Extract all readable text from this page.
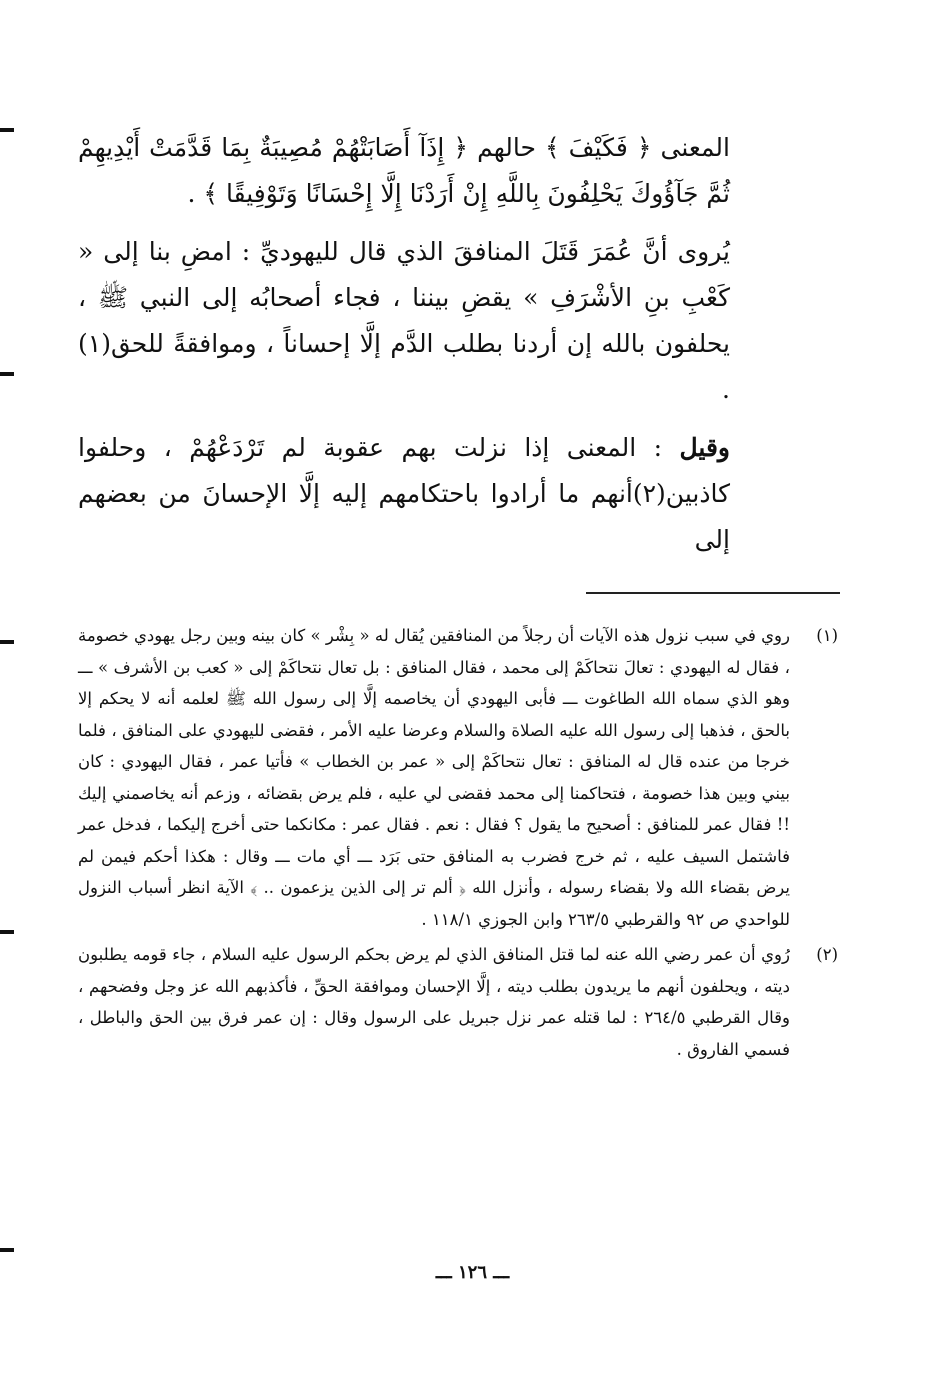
المعنى ﴿ فَكَيْفَ ﴾ حالهم ﴿ إِذَآ أَصَابَتْهُمْ مُصِيبَةٌ بِمَا قَدَّمَتْ أَيْدِيهِمْ ثُمَّ جَآؤُوكَ يَحْلِفُونَ بِاللَّهِ إِنْ أَرَدْنَا إِلَّا إِحْسَانًا وَتَوْفِيقًا ﴾ .

يُروى أنَّ عُمَرَ قَتَلَ المنافقَ الذي قال لليهوديِّ : امضِ بنا إلى « كَعْبِ بنِ الأشْرَفِ » يقضِ بيننا ، فجاء أصحابُه إلى النبي ﷺ ، يحلفون بالله إن أردنا بطلب الدَّم إلَّا إحساناً ، وموافقةً للحق(١) .

وقيل : المعنى إذا نزلت بهم عقوبة لم تَرْدَعْهُمْ ، وحلفوا كاذبين(٢)أنهم ما أرادوا باحتكامهم إليه إلَّا الإحسانَ من بعضهم إلى

(١)
روي في سبب نزول هذه الآيات أن رجلاً من المنافقين يُقال له « بِشْر » كان بينه وبين رجل يهودي خصومة ، فقال له اليهودي : تعالَ نتحاكَمْ إلى محمد ، فقال المنافق : بل تعال نتحاكَمْ إلى « كعب بن الأشرف » ـــ وهو الذي سماه الله الطاغوت ـــ فأبى اليهودي أن يخاصمه إلَّا إلى رسول الله ﷺ لعلمه أنه لا يحكم إلا بالحق ، فذهبا إلى رسول الله عليه الصلاة والسلام وعرضا عليه الأمر ، فقضى لليهودي على المنافق ، فلما خرجا من عنده قال له المنافق : تعال نتحاكَمْ إلى « عمر بن الخطاب » فأتيا عمر ، فقال اليهودي : كان بيني وبين هذا خصومة ، فتحاكمنا إلى محمد فقضى لي عليه ، فلم يرض بقضائه ، وزعم أنه يخاصمني إليك !! فقال عمر للمنافق : أصحيح ما يقول ؟ فقال : نعم . فقال عمر : مكانكما حتى أخرج إليكما ، فدخل عمر فاشتمل السيف عليه ، ثم خرج فضرب به المنافق حتى بَرَد ـــ أي مات ـــ وقال : هكذا أحكم فيمن لم يرض بقضاء الله ولا بقضاء رسوله ، وأنزل الله ﴿ ألم تر إلى الذين يزعمون .. ﴾ الآية انظر أسباب النزول للواحدي ص ٩٢ والقرطبي ٢٦٣/٥ وابن الجوزي ١١٨/١ .
(٢)
رُوي أن عمر رضي الله عنه لما قتل المنافق الذي لم يرض بحكم الرسول عليه السلام ، جاء قومه يطلبون ديته ، ويحلفون أنهم ما يريدون بطلب ديته ، إلَّا الإحسان وموافقة الحقِّ ، فأكذبهم الله عز وجل وفضحهم ، وقال القرطبي ٢٦٤/٥ : لما قتله عمر نزل جبريل على الرسول وقال : إن عمر فرق بين الحق والباطل ، فسمي الفاروق .
ـــ ١٢٦ ـــ
